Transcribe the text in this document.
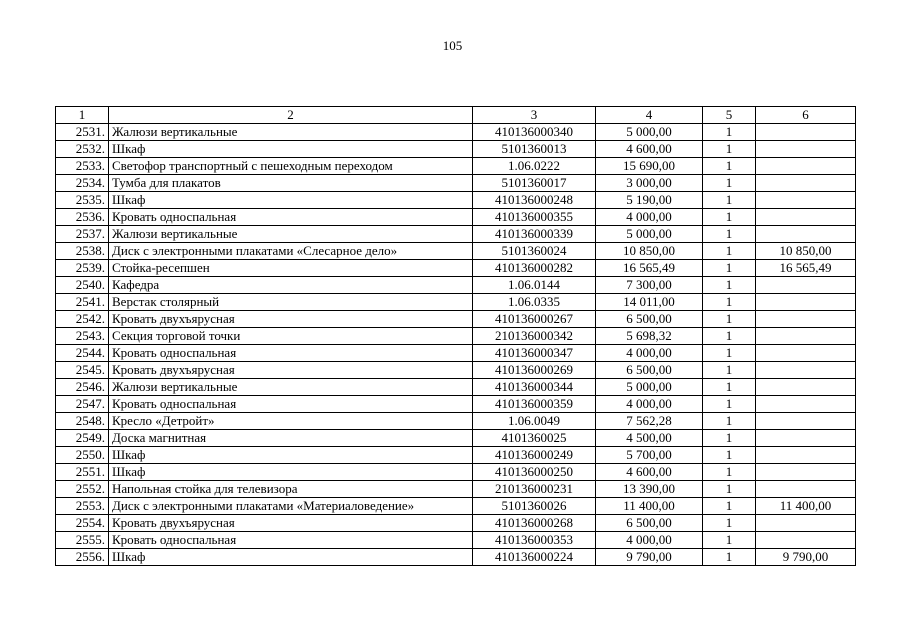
105
1	2	3	4	5	6
2531.	Жалюзи вертикальные	410136000340	5 000,00	1	
2532.	Шкаф	5101360013	4 600,00	1	
2533.	Светофор транспортный с пешеходным переходом	1.06.0222	15 690,00	1	
2534.	Тумба для плакатов	5101360017	3 000,00	1	
2535.	Шкаф	410136000248	5 190,00	1	
2536.	Кровать односпальная	410136000355	4 000,00	1	
2537.	Жалюзи вертикальные	410136000339	5 000,00	1	
2538.	Диск с электронными плакатами «Слесарное дело»	5101360024	10 850,00	1	10 850,00
2539.	Стойка-ресепшен	410136000282	16 565,49	1	16 565,49
2540.	Кафедра	1.06.0144	7 300,00	1	
2541.	Верстак столярный	1.06.0335	14 011,00	1	
2542.	Кровать двухъярусная	410136000267	6 500,00	1	
2543.	Секция торговой точки	210136000342	5 698,32	1	
2544.	Кровать односпальная	410136000347	4 000,00	1	
2545.	Кровать двухъярусная	410136000269	6 500,00	1	
2546.	Жалюзи вертикальные	410136000344	5 000,00	1	
2547.	Кровать односпальная	410136000359	4 000,00	1	
2548.	Кресло «Детройт»	1.06.0049	7 562,28	1	
2549.	Доска магнитная	4101360025	4 500,00	1	
2550.	Шкаф	410136000249	5 700,00	1	
2551.	Шкаф	410136000250	4 600,00	1	
2552.	Напольная стойка для телевизора	210136000231	13 390,00	1	
2553.	Диск с электронными плакатами «Материаловедение»	5101360026	11 400,00	1	11 400,00
2554.	Кровать двухъярусная	410136000268	6 500,00	1	
2555.	Кровать односпальная	410136000353	4 000,00	1	
2556.	Шкаф	410136000224	9 790,00	1	9 790,00
